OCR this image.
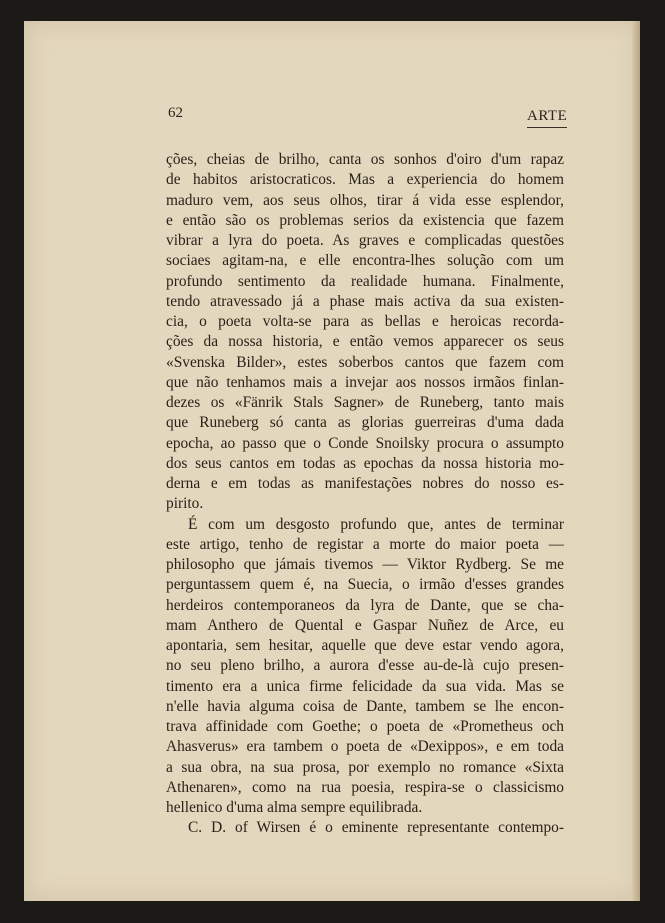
62	ARTE
ções, cheias de brilho, canta os sonhos d'oiro d'um rapaz
de habitos aristocraticos. Mas a experiencia do homem
maduro vem, aos seus olhos, tirar á vida esse esplendor,
e então são os problemas serios da existencia que fazem
vibrar a lyra do poeta. As graves e complicadas questões
sociaes agitam-na, e elle encontra-lhes solução com um
profundo sentimento da realidade humana. Finalmente,
tendo atravessado já a phase mais activa da sua existen-
cia, o poeta volta-se para as bellas e heroicas recorda-
ções da nossa historia, e então vemos apparecer os seus
«Svenska Bilder», estes soberbos cantos que fazem com
que não tenhamos mais a invejar aos nossos irmãos finlan-
dezes os «Fänrik Stals Sagner» de Runeberg, tanto mais
que Runeberg só canta as glorias guerreiras d'uma dada
epocha, ao passo que o Conde Snoilsky procura o assumpto
dos seus cantos em todas as epochas da nossa historia mo-
derna e em todas as manifestações nobres do nosso es-
pirito.
É com um desgosto profundo que, antes de terminar
este artigo, tenho de registar a morte do maior poeta —
philosopho que jámais tivemos — Viktor Rydberg. Se me
perguntassem quem é, na Suecia, o irmão d'esses grandes
herdeiros contemporaneos da lyra de Dante, que se cha-
mam Anthero de Quental e Gaspar Nuñez de Arce, eu
apontaria, sem hesitar, aquelle que deve estar vendo agora,
no seu pleno brilho, a aurora d'esse au-de-là cujo presen-
timento era a unica firme felicidade da sua vida. Mas se
n'elle havia alguma coisa de Dante, tambem se lhe encon-
trava affinidade com Goethe; o poeta de «Prometheus och
Ahasverus» era tambem o poeta de «Dexippos», e em toda
a sua obra, na sua prosa, por exemplo no romance «Sixta
Athenaren», como na rua poesia, respira-se o classicismo
hellenico d'uma alma sempre equilibrada.
C. D. of Wirsen é o eminente representante contempo-
